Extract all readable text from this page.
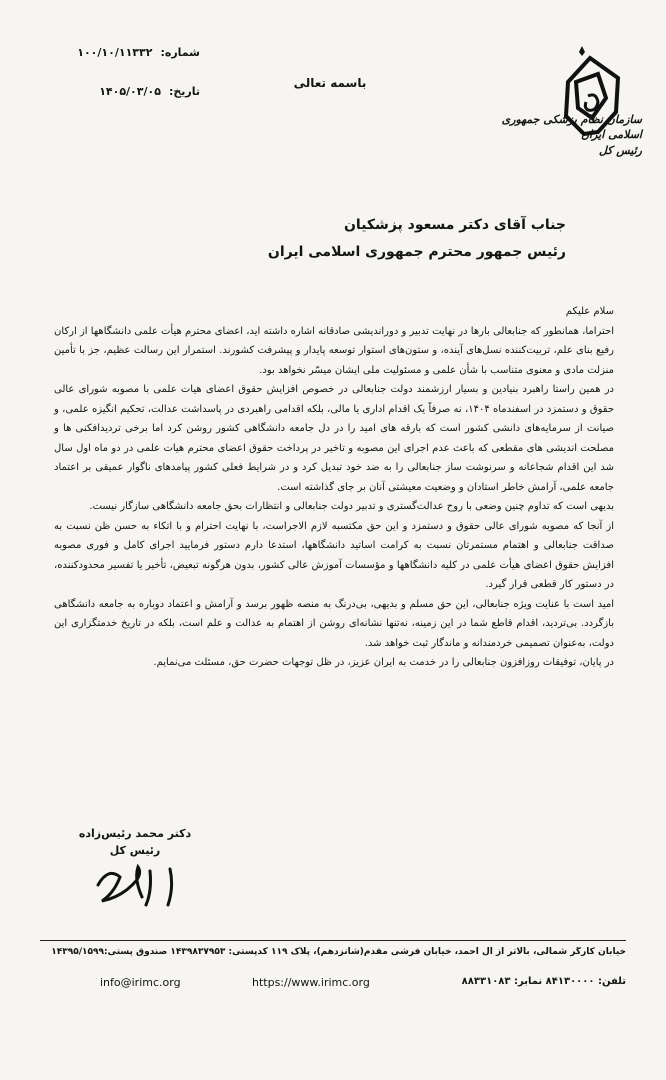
شماره:
۱۰۰/۱۰/۱۱۳۳۲
تاریخ:
۱۴۰۵/۰۳/۰۵
باسمه تعالی
سازمان نظام پزشکی جمهوری اسلامی ایران
رئیس کل
جناب آقای دکتر مسعود پزشکیان
رئیس جمهور محترم جمهوری اسلامی ایران

سلام علیکم

احتراما، همانطور که جنابعالی بارها در نهایت تدبیر و دوراندیشی صادقانه اشاره داشته اید، اعضای محترم هیأت علمی دانشگاهها از ارکان رفیع بنای علم، تربیت‌کننده نسل‌های آینده، و ستون‌های استوار توسعه پایدار و پیشرفت کشورند. استمرار این رسالت عظیم، جز با تأمین منزلت مادی و معنوی متناسب با شأن علمی و مسئولیت ملی ایشان میسّر نخواهد بود.

در همین راستا راهبرد بنیادین و بسیار ارزشمند دولت جنابعالی در خصوص افزایش حقوق اعضای هیات علمی با مصوبه شورای عالی حقوق و دستمزد در اسفندماه ۱۴۰۴، نه صرفاً یک اقدام اداری یا مالی، بلکه اقدامی راهبردی در پاسداشت عدالت، تحکیم انگیزه علمی، و صیانت از سرمایه‌های دانشی کشور است که بارقه های امید را در دل جامعه دانشگاهی کشور روشن کرد اما برخی تردیدافکنی ها و مصلحت اندیشی های مقطعی که باعث عدم اجرای این مصوبه و تاخیر در پرداخت حقوق اعضای محترم هیات علمی در دو ماه اول سال شد این اقدام شجاعانه و سرنوشت ساز جنابعالی را به ضد خود تبدیل کرد و در شرایط فعلی کشور پیامدهای ناگوار عمیقی بر اعتماد جامعه علمی، آرامش خاطر استادان و وضعیت معیشتی آنان بر جای گذاشته است.

بدیهی است که تداوم چنین وضعی با روح عدالت‌گستری و تدبیر دولت جنابعالی و انتظارات بحق جامعه دانشگاهی سازگار نیست.

از آنجا که مصوبه شورای عالی حقوق و دستمزد و این حق مکتسبه لازم الاجراست، با نهایت احترام و با اتکاء به حسن ظن نسبت به صداقت جنابعالی و اهتمام مستمرتان نسبت به کرامت اساتید دانشگاهها، استدعا دارم دستور فرمایید اجرای کامل و فوری مصوبه افزایش حقوق اعضای هیأت علمی در کلیه دانشگاهها و مؤسسات آموزش عالی کشور، بدون هرگونه تبعیض، تأخیر یا تفسیر محدودکننده، در دستور کار قطعی قرار گیرد.

امید است با عنایت ویژه جنابعالی، این حق مسلم و بدیهی، بی‌درنگ به منصه ظهور برسد و آرامش و اعتماد دوباره به جامعه دانشگاهی بازگردد. بی‌تردید، اقدام قاطع شما در این زمینه، نه‌تنها نشانه‌ای روشن از اهتمام به عدالت و علم است، بلکه در تاریخ خدمتگزاری این دولت، به‌عنوان تصمیمی خردمندانه و ماندگار ثبت خواهد شد.

در پایان، توفیقات روزافزون جنابعالی را در خدمت به ایران عزیز، در ظل توجهات حضرت حق، مسئلت می‌نمایم.

دکتر محمد رئیس‌زاده
رئیس کل
خیابان کارگر شمالی، بالاتر از آل احمد، خیابان فرشی مقدم(شانزدهم)، پلاک ۱۱۹ کدپستی: ۱۴۳۹۸۳۷۹۵۳ صندوق پستی:۱۴۳۹۵/۱۵۹۹
تلفن: ۸۴۱۳۰۰۰۰ نمابر: ۸۸۳۳۱۰۸۳
https://www.irimc.org
info@irimc.org
